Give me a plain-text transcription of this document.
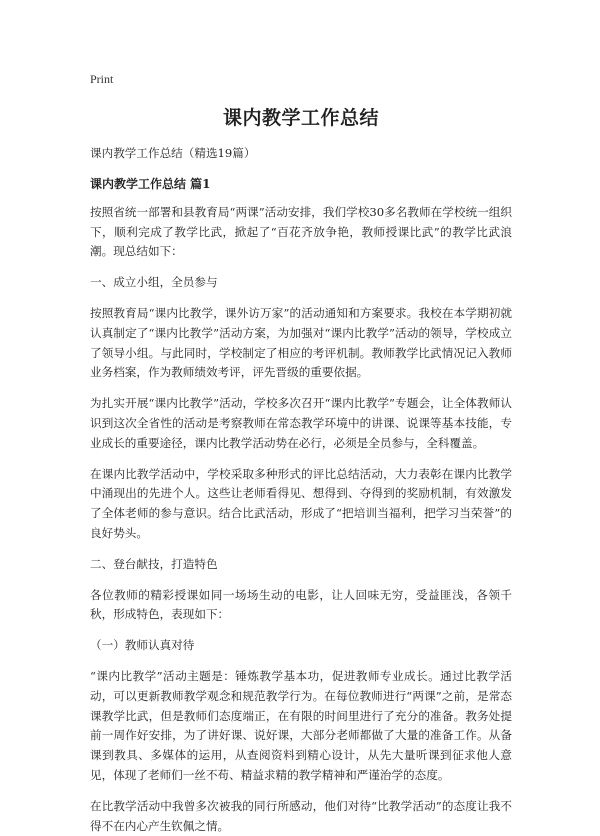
Print
课内教学工作总结
课内教学工作总结（精选19篇）
课内教学工作总结 篇1
按照省统一部署和县教育局“两课”活动安排，我们学校30多名教师在学校统一组织下，顺利完成了教学比武，掀起了“百花齐放争艳，教师授课比武”的教学比武浪潮。现总结如下：
一、成立小组，全员参与
按照教育局“课内比教学，课外访万家”的活动通知和方案要求。我校在本学期初就认真制定了“课内比教学”活动方案，为加强对“课内比教学”活动的领导，学校成立了领导小组。与此同时，学校制定了相应的考评机制。教师教学比武情况记入教师业务档案，作为教师绩效考评，评先晋级的重要依据。
为扎实开展“课内比教学”活动，学校多次召开“课内比教学”专题会，让全体教师认识到这次全省性的活动是考察教师在常态教学环境中的讲课、说课等基本技能，专业成长的重要途径，课内比教学活动势在必行，必须是全员参与，全科覆盖。
在课内比教学活动中，学校采取多种形式的评比总结活动，大力表彰在课内比教学中涌现出的先进个人。这些让老师看得见、想得到、夺得到的奖励机制，有效激发了全体老师的参与意识。结合比武活动，形成了“把培训当福利，把学习当荣誉”的良好势头。
二、登台献技，打造特色
各位教师的精彩授课如同一场场生动的电影，让人回味无穷，受益匪浅，各领千秋，形成特色，表现如下：
（一）教师认真对待
“课内比教学”活动主题是：锤炼教学基本功，促进教师专业成长。通过比教学活动，可以更新教师教学观念和规范教学行为。在每位教师进行“两课”之前，是常态课教学比武，但是教师们态度端正，在有限的时间里进行了充分的准备。教务处提前一周作好安排，为了讲好课、说好课，大部分老师都做了大量的准备工作。从备课到教具、多媒体的运用，从查阅资料到精心设计，从先大量听课到征求他人意见，体现了老师们一丝不苟、精益求精的教学精神和严谨治学的态度。
在比教学活动中我曾多次被我的同行所感动，他们对待“比教学活动”的态度让我不得不在内心产生钦佩之情。
